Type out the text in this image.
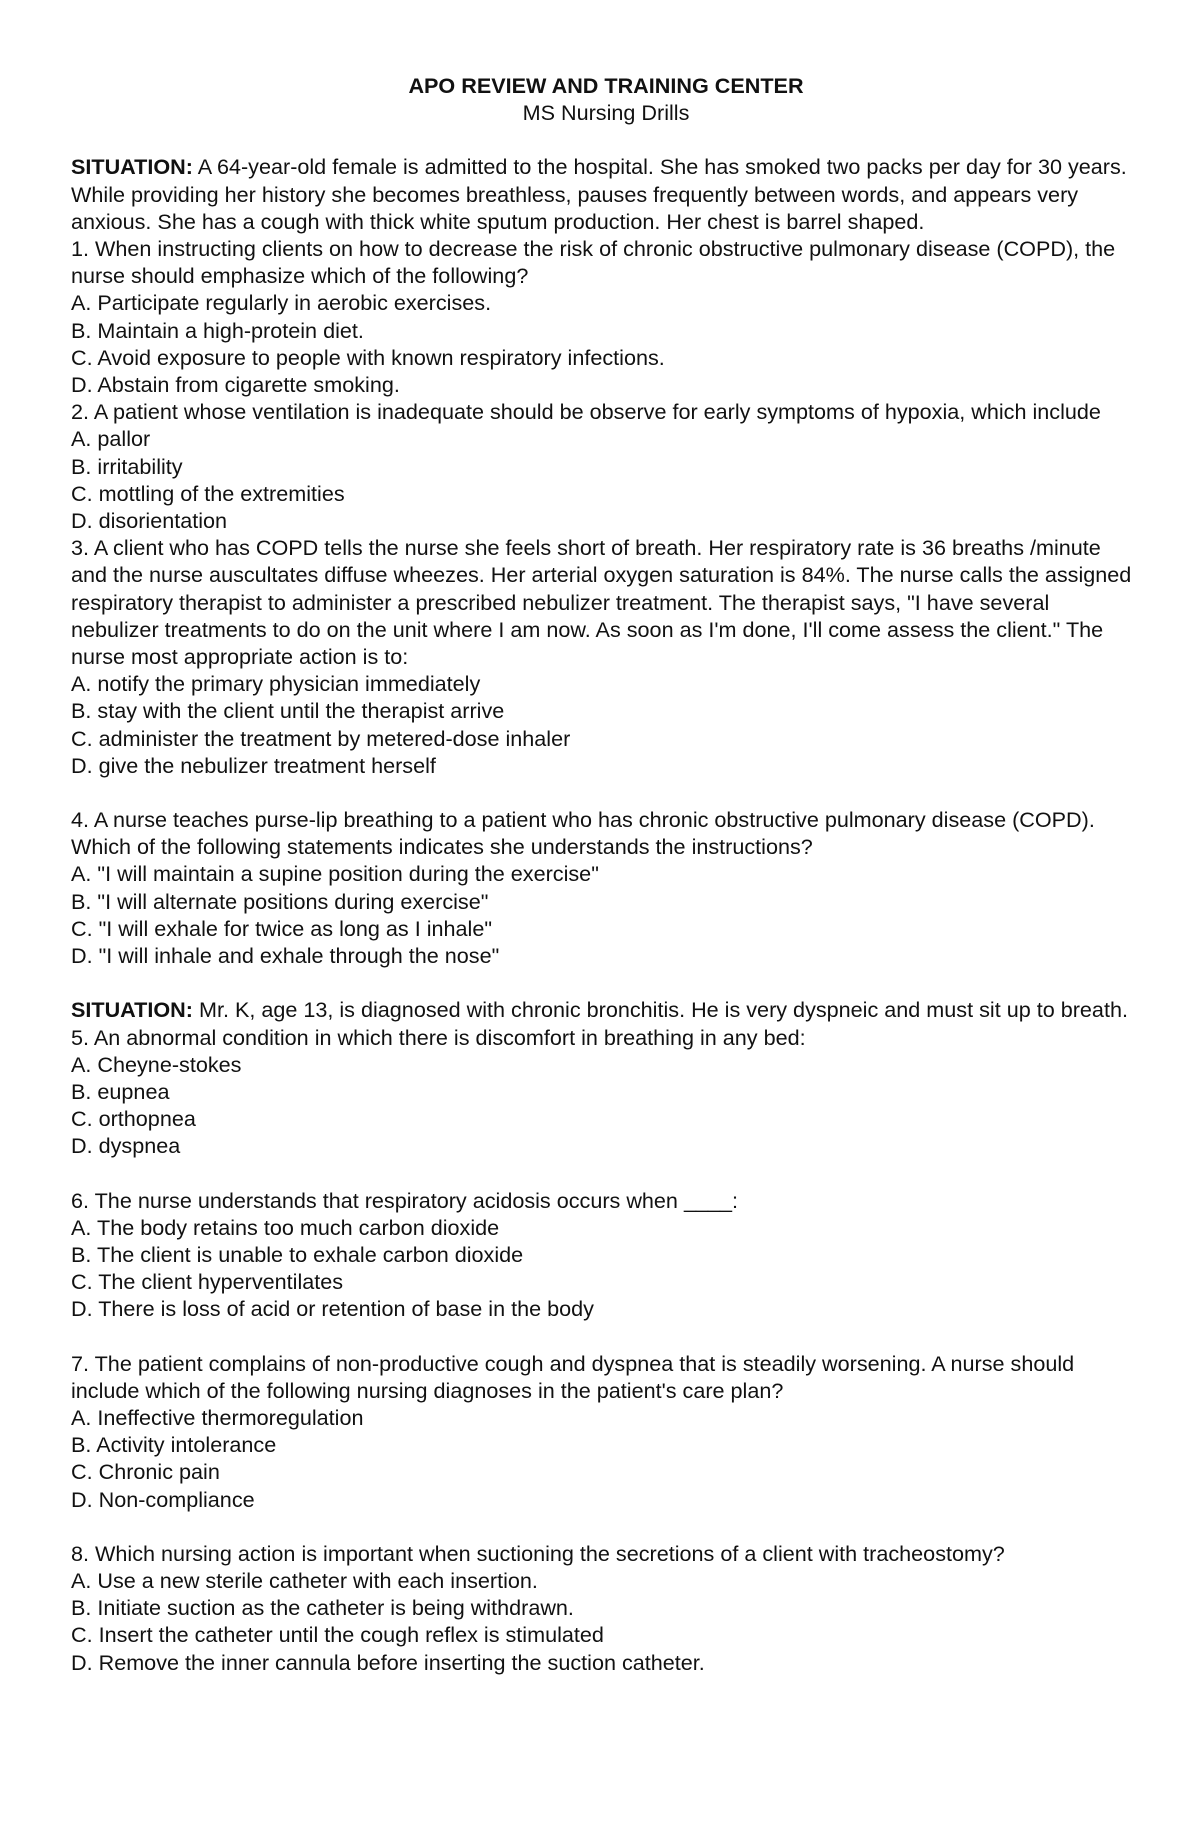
APO REVIEW AND TRAINING CENTER
MS Nursing Drills

SITUATION: A 64-year-old female is admitted to the hospital. She has smoked two packs per day for 30 years. While providing her history she becomes breathless, pauses frequently between words, and appears very anxious. She has a cough with thick white sputum production. Her chest is barrel shaped.

1. When instructing clients on how to decrease the risk of chronic obstructive pulmonary disease (COPD), the nurse should emphasize which of the following?

A. Participate regularly in aerobic exercises.

B. Maintain a high-protein diet.

C. Avoid exposure to people with known respiratory infections.

D. Abstain from cigarette smoking.

2. A patient whose ventilation is inadequate should be observe for early symptoms of hypoxia, which include

A. pallor

B. irritability

C. mottling of the extremities

D. disorientation

3. A client who has COPD tells the nurse she feels short of breath. Her respiratory rate is 36 breaths /minute and the nurse auscultates diffuse wheezes. Her arterial oxygen saturation is 84%. The nurse calls the assigned respiratory therapist to administer a prescribed nebulizer treatment. The therapist says, "I have several nebulizer treatments to do on the unit where I am now. As soon as I'm done, I'll come assess the client." The nurse most appropriate action is to:

A. notify the primary physician immediately

B. stay with the client until the therapist arrive

C. administer the treatment by metered-dose inhaler

D. give the nebulizer treatment herself

4. A nurse teaches purse-lip breathing to a patient who has chronic obstructive pulmonary disease (COPD). Which of the following statements indicates she understands the instructions?

A. "I will maintain a supine position during the exercise"

B. "I will alternate positions during exercise"

C. "I will exhale for twice as long as I inhale"

D. "I will inhale and exhale through the nose"

SITUATION: Mr. K, age 13, is diagnosed with chronic bronchitis. He is very dyspneic and must sit up to breath.

5. An abnormal condition in which there is discomfort in breathing in any bed:

A. Cheyne-stokes

B. eupnea

C. orthopnea

D. dyspnea

6. The nurse understands that respiratory acidosis occurs when ____:

A. The body retains too much carbon dioxide

B. The client is unable to exhale carbon dioxide

C. The client hyperventilates

D. There is loss of acid or retention of base in the body

7. The patient complains of non-productive cough and dyspnea that is steadily worsening. A nurse should include which of the following nursing diagnoses in the patient's care plan?

A. Ineffective thermoregulation

B. Activity intolerance

C. Chronic pain

D. Non-compliance

8. Which nursing action is important when suctioning the secretions of a client with tracheostomy?

A. Use a new sterile catheter with each insertion.

B. Initiate suction as the catheter is being withdrawn.

C. Insert the catheter until the cough reflex is stimulated

D. Remove the inner cannula before inserting the suction catheter.
